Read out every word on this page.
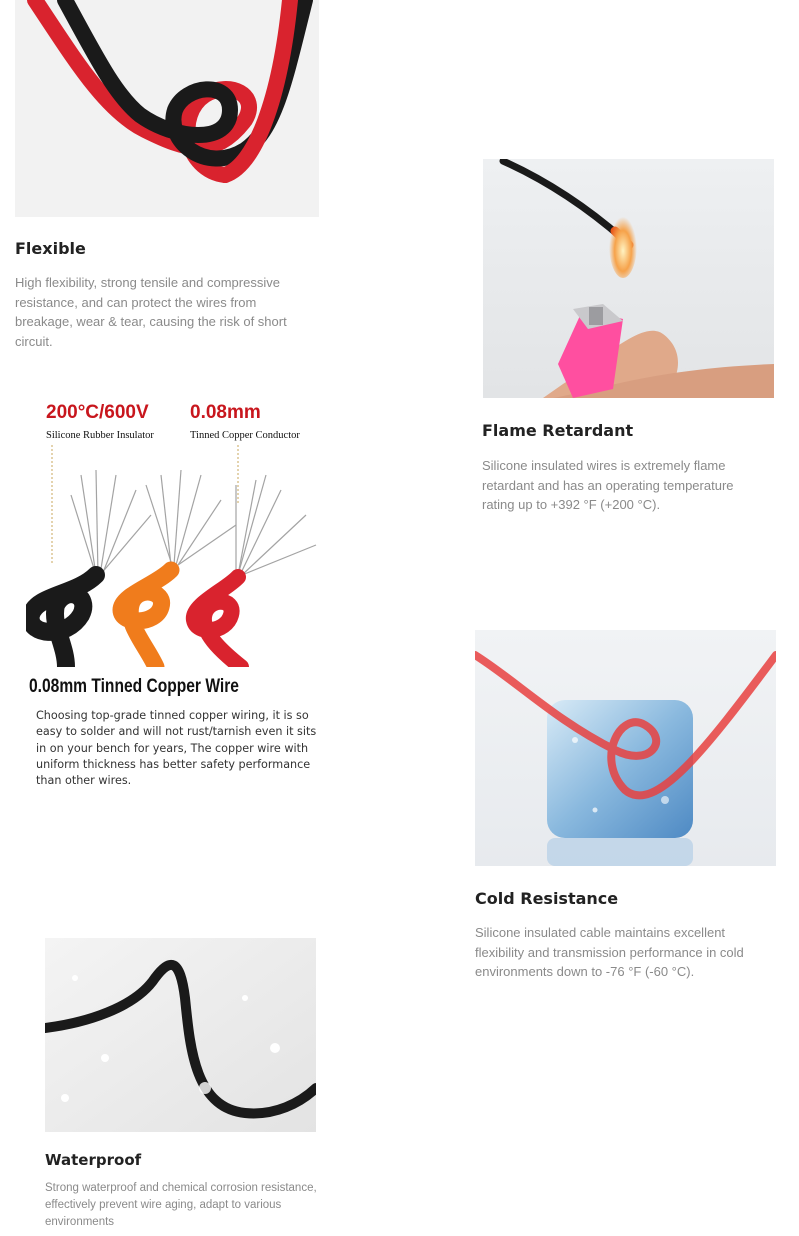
Flexible
High flexibility, strong tensile and compressive resistance, and can protect the wires from breakage, wear & tear, causing the risk of short circuit.
Flame Retardant
Silicone insulated wires is extremely flame retardant and has an operating temperature rating up to +392 °F (+200 °C).
200°C/600V
Silicone Rubber Insulator
0.08mm
Tinned Copper Conductor
0.08mm Tinned Copper Wire
Choosing top-grade tinned copper wiring, it is so easy to solder and will not rust/tarnish even it sits in on your bench for years, The copper wire with uniform thickness has better safety performance than other wires.
Cold Resistance
Silicone insulated cable maintains excellent flexibility and transmission performance in cold environments down to -76 °F (-60 °C).
Waterproof
Strong waterproof and chemical corrosion resistance, effectively prevent wire aging, adapt to various environments
